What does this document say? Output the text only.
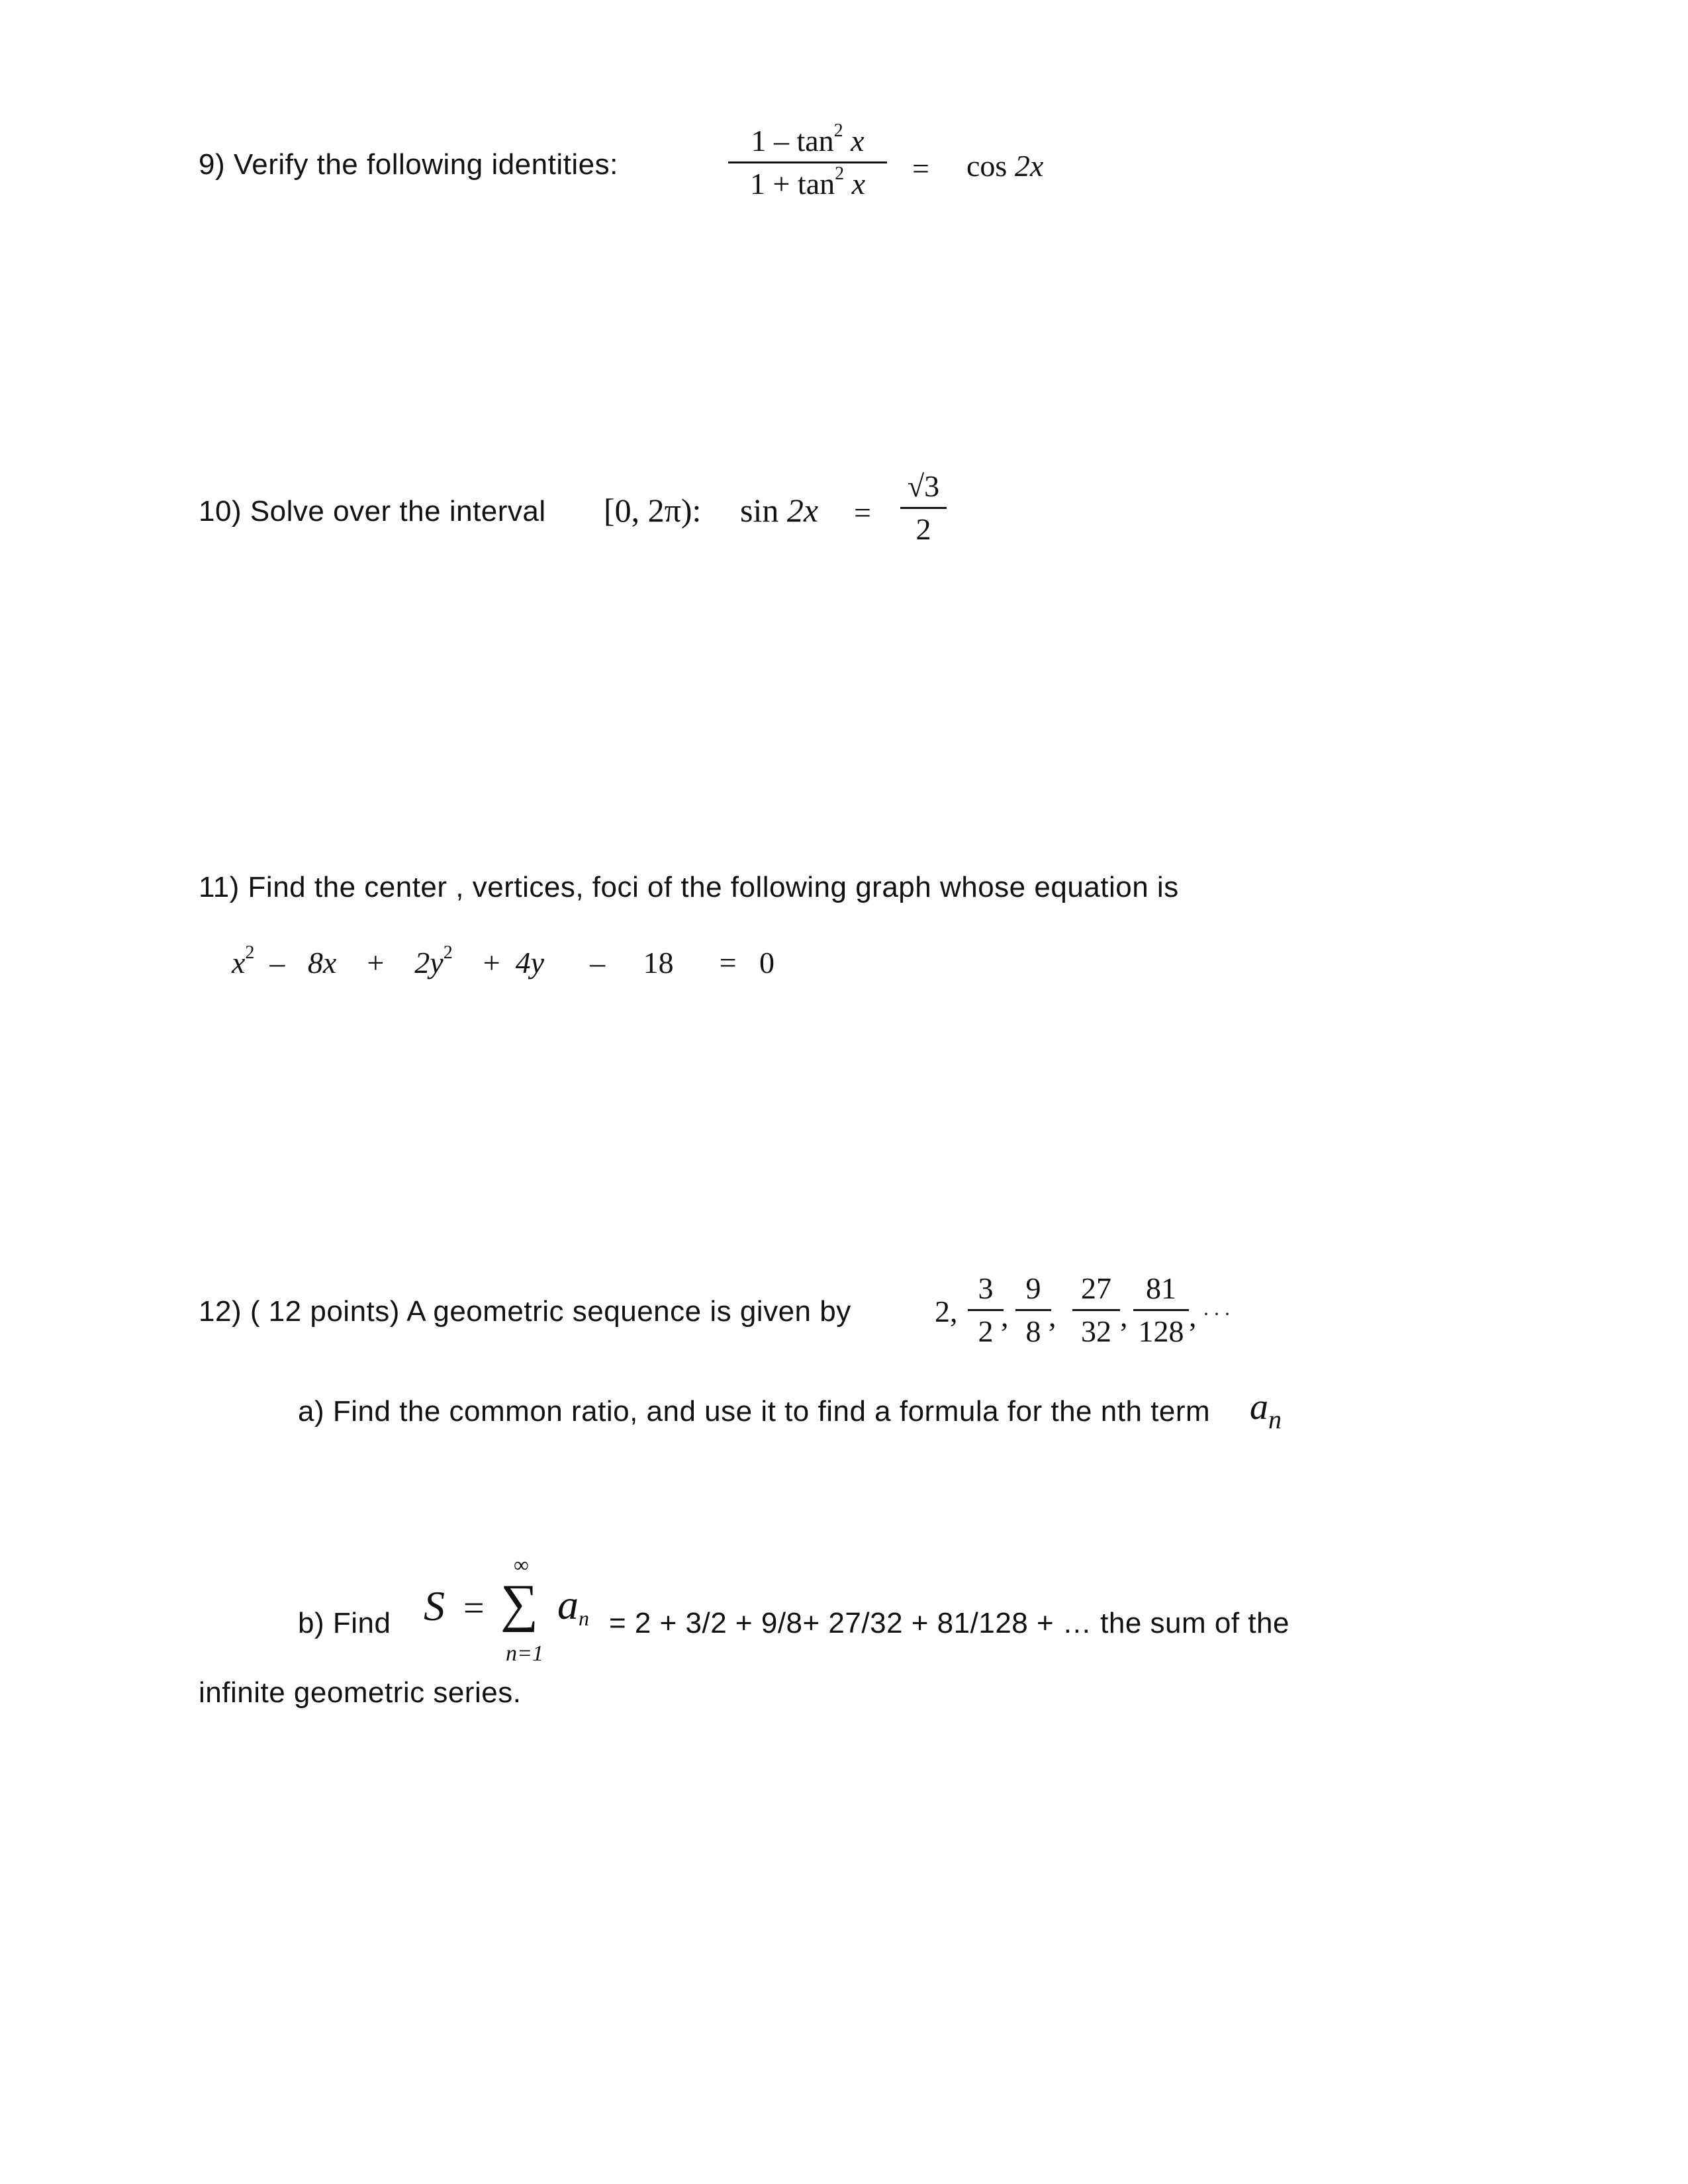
9) Verify the following identities:
$1 - \tan^2 x$
$1 + \tan^2 x = \cos 2x$
10) Solve over the interval [0, 2π): sin 2x =
√3
2
11) Find the center , vertices, foci of the following graph whose equation is
$x^2 - 8x + 2y^2 + 4y - 18 = 0$
12) ( 12 points) A geometric sequence is given by	2,
3
2 ,
9
8 ,
27
32 ,
81
128 , . . .
a) Find the common ratio, and use it to find a formula for the nth term $a_n$
b) Find S =
∞
∑
n=1
an = 2 + 3/2 + 9/8+ 27/32 + 81/128 + … the sum of the
infinite geometric series.
